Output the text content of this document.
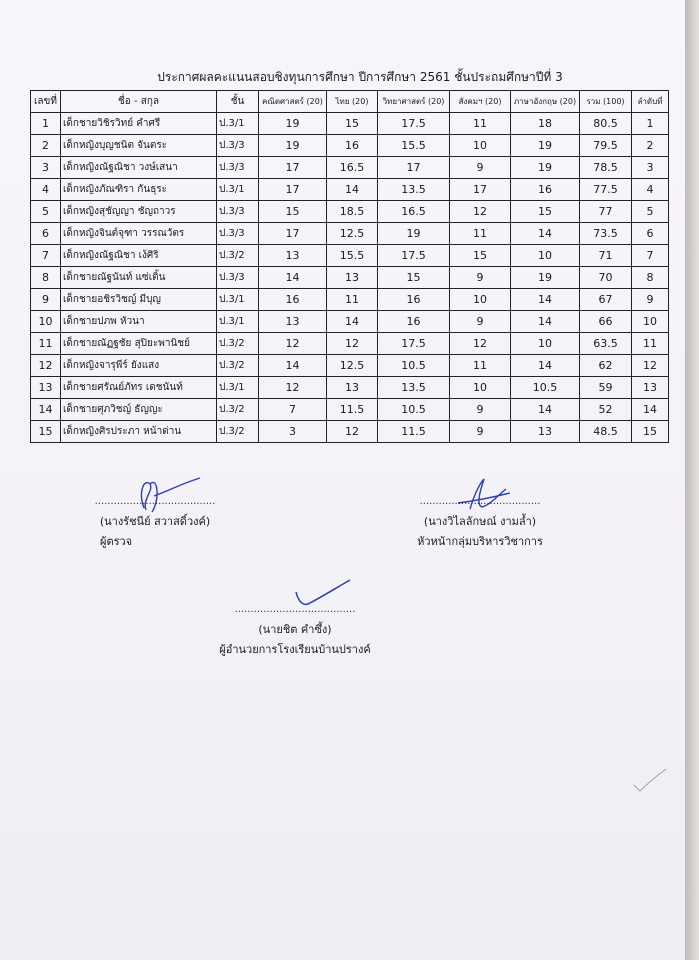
ประกาศผลคะแนนสอบชิงทุนการศึกษา ปีการศึกษา 2561 ชั้นประถมศึกษาปีที่ 3
เลขที่	ชื่อ - สกุล	ชั้น	คณิตศาสตร์ (20)	ไทย (20)	วิทยาศาสตร์ (20)	สังคมฯ (20)	ภาษาอังกฤษ (20)	รวม (100)	ลำดับที่
1	เด็กชายวิชิรวิทย์ คำศรี	ป.3/1	19	15	17.5	11	18	80.5	1
2	เด็กหญิงบุญชนิต จันตระ	ป.3/3	19	16	15.5	10	19	79.5	2
3	เด็กหญิงณัฐณิชา วงษ์เสนา	ป.3/3	17	16.5	17	9	19	78.5	3
4	เด็กหญิงภัณฑิรา กันธุระ	ป.3/1	17	14	13.5	17	16	77.5	4
5	เด็กหญิงสุชัญญา ชัญถาวร	ป.3/3	15	18.5	16.5	12	15	77	5
6	เด็กหญิงจินต์จุฑา วรรณวัตร	ป.3/3	17	12.5	19	11	14	73.5	6
7	เด็กหญิงณัฐณิชา เง้ศิริ	ป.3/2	13	15.5	17.5	15	10	71	7
8	เด็กชายณัฐนันท์ แซ่เติ้น	ป.3/3	14	13	15	9	19	70	8
9	เด็กชายอชิรวิชญ์ มีบุญ	ป.3/1	16	11	16	10	14	67	9
10	เด็กชายปภพ หัวนา	ป.3/1	13	14	16	9	14	66	10
11	เด็กชายณัฏฐชัย สุปิยะพานิชย์	ป.3/2	12	12	17.5	12	10	63.5	11
12	เด็กหญิงจารุพีร์ ยังแสง	ป.3/2	14	12.5	10.5	11	14	62	12
13	เด็กชายศรัณย์ภัทร เดชนันท์	ป.3/1	12	13	13.5	10	10.5	59	13
14	เด็กชายศุภวิชญ์ ธัญญะ	ป.3/2	7	11.5	10.5	9	14	52	14
15	เด็กหญิงศิรประภา หน้าด่าน	ป.3/2	3	12	11.5	9	13	48.5	15
......................................
(นางรัชนีย์ สวาสดิ์วงค์)
ผู้ตรวจ
......................................
(นางวิไลลักษณ์ งามล้ำ)
หัวหน้ากลุ่มบริหารวิชาการ
......................................
(นายชิต คำซึ้ง)
ผู้อำนวยการโรงเรียนบ้านปรางค์
